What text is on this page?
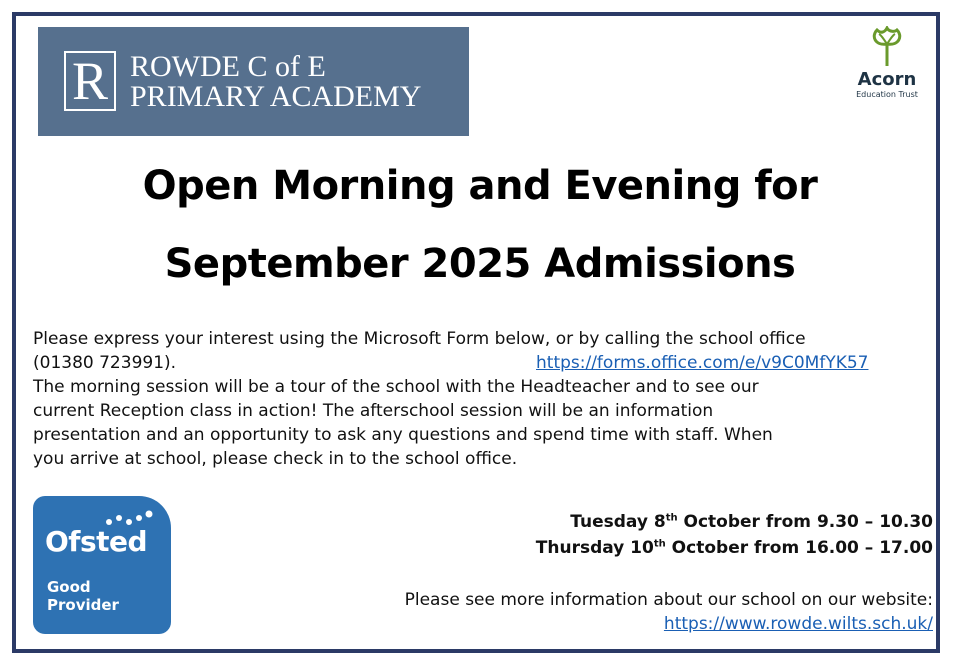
R ROWDE C of E
PRIMARY ACADEMY
Acorn
Education Trust
Open Morning and Evening for
September 2025 Admissions
Please express your interest using the Microsoft Form below, or by calling the school office
(01380 723991).	https://forms.office.com/e/v9C0MfYK57
The morning session will be a tour of the school with the Headteacher and to see our
current Reception class in action! The afterschool session will be an information
presentation and an opportunity to ask any questions and spend time with staff. When
you arrive at school, please check in to the school office.
Tuesday 8th October from 9.30 – 10.30
Thursday 10th October from 16.00 – 17.00
Please see more information about our school on our website:
https://www.rowde.wilts.sch.uk/
Ofsted
Good
Provider
